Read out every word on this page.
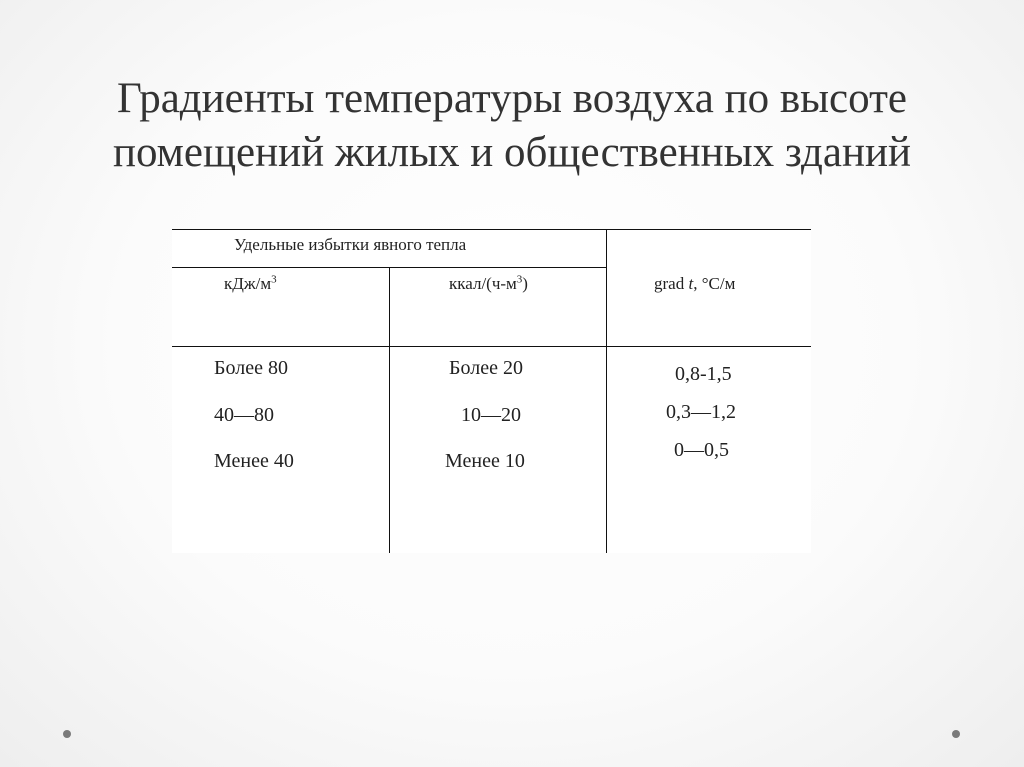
Градиенты температуры воздуха по высоте
помещений жилых и общественных зданий
Удельные избытки явного тепла
кДж/$м^3$	ккал/$(ч-м^3)$	grad t, °С/м
Более 80
40—80
Менее 40
Более 20
10—20
Менее 10
0,8-1,5
0,3—1,2
0—0,5
